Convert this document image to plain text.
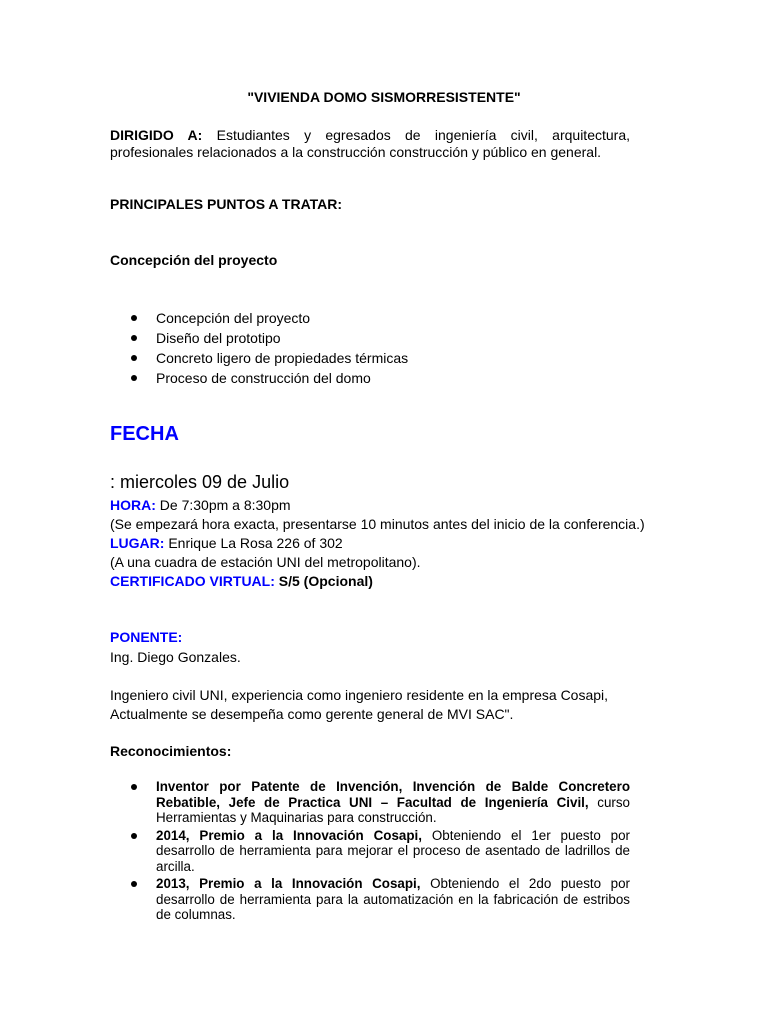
"VIVIENDA DOMO SISMORRESISTENTE"
DIRIGIDO A: Estudiantes y egresados de ingeniería civil, arquitectura, profesionales relacionados a la construcción construcción y público en general.
PRINCIPALES PUNTOS A TRATAR:
Concepción del proyecto
Concepción del proyecto
Diseño del prototipo
Concreto ligero de propiedades térmicas
Proceso de construcción del domo
FECHA
: miercoles 09 de Julio
HORA: De 7:30pm a 8:30pm
(Se empezará hora exacta, presentarse 10 minutos antes del inicio de la conferencia.)
LUGAR: Enrique La Rosa 226 of 302
(A una cuadra de estación UNI del metropolitano).
CERTIFICADO VIRTUAL: S/5 (Opcional)
PONENTE:
Ing. Diego Gonzales.
Ingeniero civil UNI, experiencia como ingeniero residente en la empresa Cosapi,
Actualmente se desempeña como gerente general de MVI SAC".
Reconocimientos:
Inventor por Patente de Invención, Invención de Balde Concretero Rebatible, Jefe de Practica UNI – Facultad de Ingeniería Civil, curso Herramientas y Maquinarias para construcción.
2014, Premio a la Innovación Cosapi, Obteniendo el 1er puesto por desarrollo de herramienta para mejorar el proceso de asentado de ladrillos de arcilla.
2013, Premio a la Innovación Cosapi, Obteniendo el 2do puesto por desarrollo de herramienta para la automatización en la fabricación de estribos de columnas.
